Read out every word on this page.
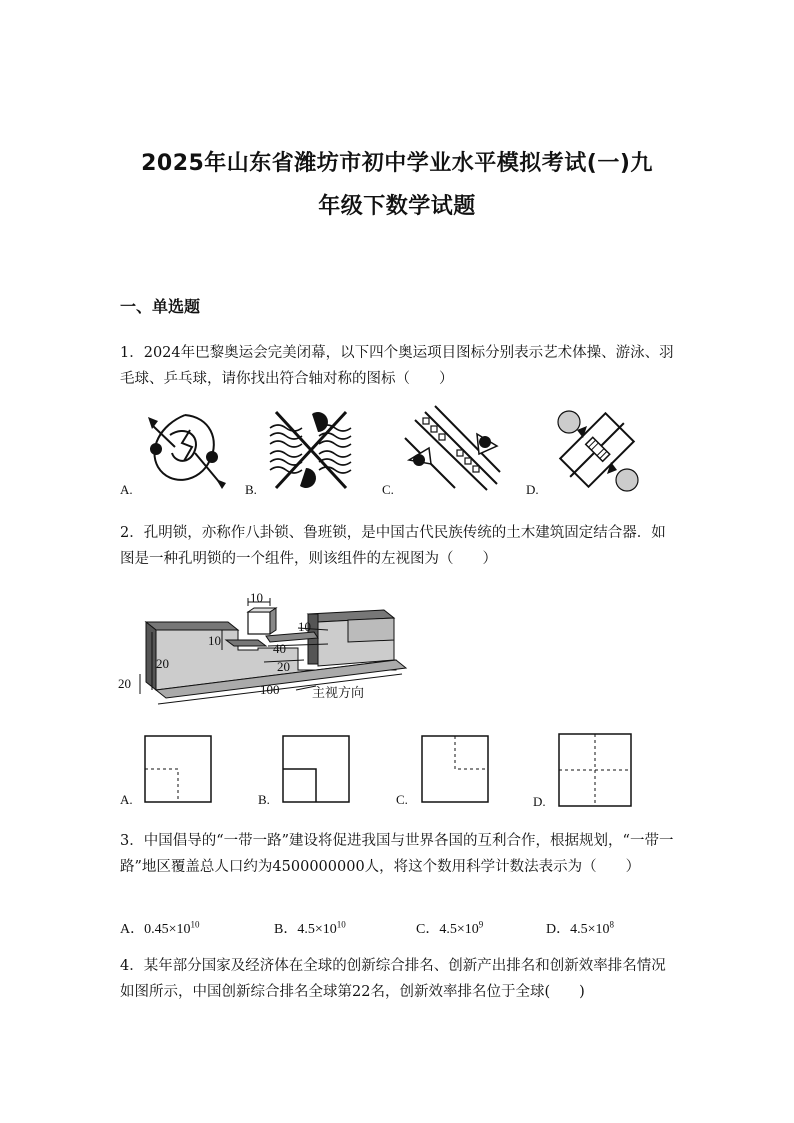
2025年山东省潍坊市初中学业水平模拟考试(一)九
年级下数学试题
一、单选题

1．2024年巴黎奥运会完美闭幕，以下四个奥运项目图标分别表示艺术体操、游泳、羽毛球、乒乓球，请你找出符合轴对称的图标（　　）

A.	B.	C.	D.

2．孔明锁，亦称作八卦锁、鲁班锁，是中国古代民族传统的土木建筑固定结合器．如图是一种孔明锁的一个组件，则该组件的左视图为（　　）

10
10
10
40
20
20
20	100	主视方向
A.	B.	C.	D.

3．中国倡导的“一带一路”建设将促进我国与世界各国的互利合作，根据规划，“一带一路”地区覆盖总人口约为4500000000人，将这个数用科学计数法表示为（　　）

A．$0.45\times 10^{10}$	B．$4.5\times 10^{10}$	C．$4.5\times 10^9$	D．$4.5\times 10^8$

4．某年部分国家及经济体在全球的创新综合排名、创新产出排名和创新效率排名情况如图所示，中国创新综合排名全球第22名，创新效率排名位于全球(　　)
